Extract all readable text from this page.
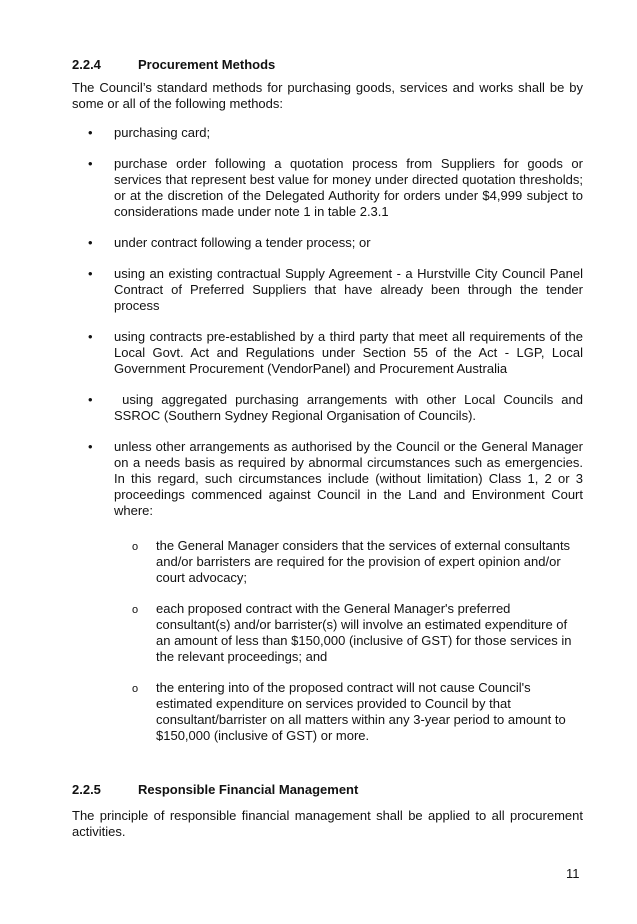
2.2.4	Procurement Methods
The Council’s standard methods for purchasing goods, services and works shall be by some or all of the following methods:
• purchasing card;
• purchase order following a quotation process from Suppliers for goods or services that represent best value for money under directed quotation thresholds; or at the discretion of the Delegated Authority for orders under $4,999 subject to considerations made under note 1 in table 2.3.1
• under contract following a tender process; or
• using an existing contractual Supply Agreement - a Hurstville City Council Panel Contract of Preferred Suppliers that have already been through the tender process
• using contracts pre-established by a third party that meet all requirements of the Local Govt. Act and Regulations under Section 55 of the Act - LGP, Local Government Procurement (VendorPanel) and Procurement Australia
•  using aggregated purchasing arrangements with other Local Councils and SSROC (Southern Sydney Regional Organisation of Councils).
• unless other arrangements as authorised by the Council or the General Manager on a needs basis as required by abnormal circumstances such as emergencies. In this regard, such circumstances include (without limitation) Class 1, 2 or 3 proceedings commenced against Council in the Land and Environment Court where:
o the General Manager considers that the services of external consultants and/or barristers are required for the provision of expert opinion and/or court advocacy;
o each proposed contract with the General Manager's preferred consultant(s) and/or barrister(s) will involve an estimated expenditure of an amount of less than $150,000 (inclusive of GST) for those services in the relevant proceedings; and
o the entering into of the proposed contract will not cause Council's estimated expenditure on services provided to Council by that consultant/barrister on all matters within any 3-year period to amount to $150,000 (inclusive of GST) or more.
2.2.5	Responsible Financial Management
The principle of responsible financial management shall be applied to all procurement activities.
11
